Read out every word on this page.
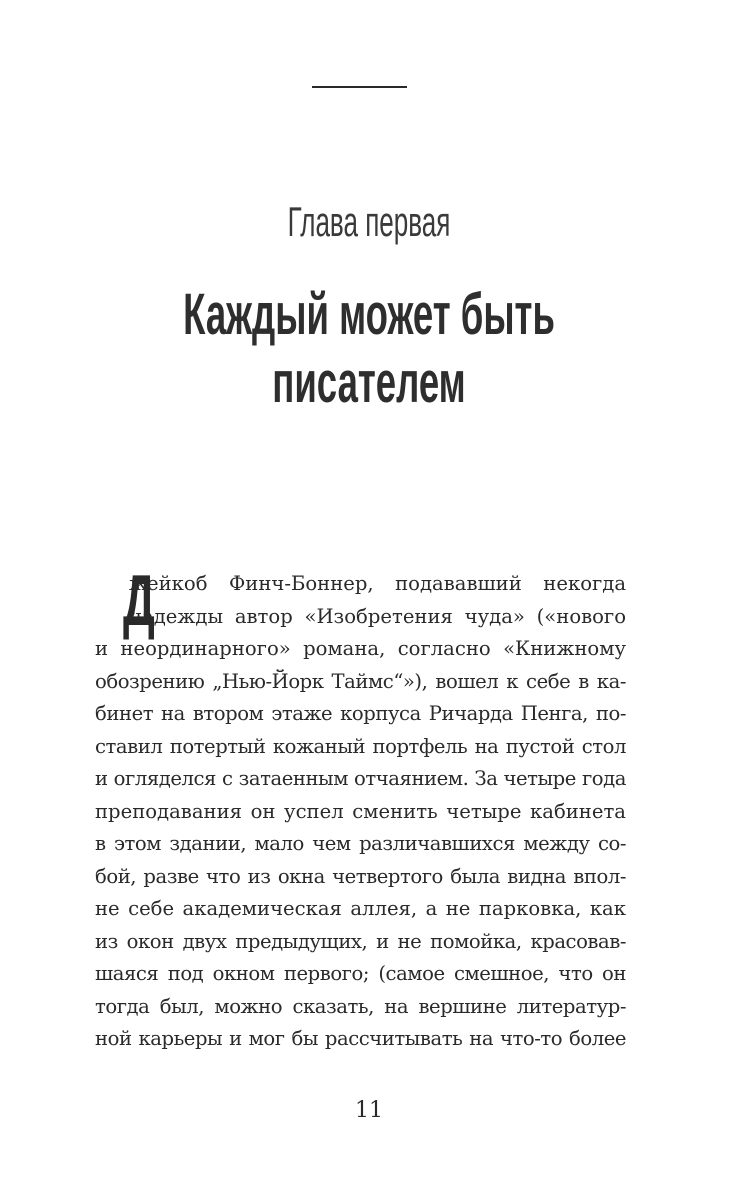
Глава первая
Каждый может быть писателем
Д
жейкоб Финч-Боннер, подававший некогда
надежды автор «Изобретения чуда» («нового
и неординарного» романа, согласно «Книжному
обозрению „Нью-Йорк Таймс“»), вошел к себе в ка-
бинет на втором этаже корпуса Ричарда Пенга, по-
ставил потертый кожаный портфель на пустой стол
и огляделся с затаенным отчаянием. За четыре года
преподавания он успел сменить четыре кабинета
в этом здании, мало чем различавшихся между со-
бой, разве что из окна четвертого была видна впол-
не себе академическая аллея, а не парковка, как
из окон двух предыдущих, и не помойка, красовав-
шаяся под окном первого; (самое смешное, что он
тогда был, можно сказать, на вершине литератур-
ной карьеры и мог бы рассчитывать на что-то более
11
